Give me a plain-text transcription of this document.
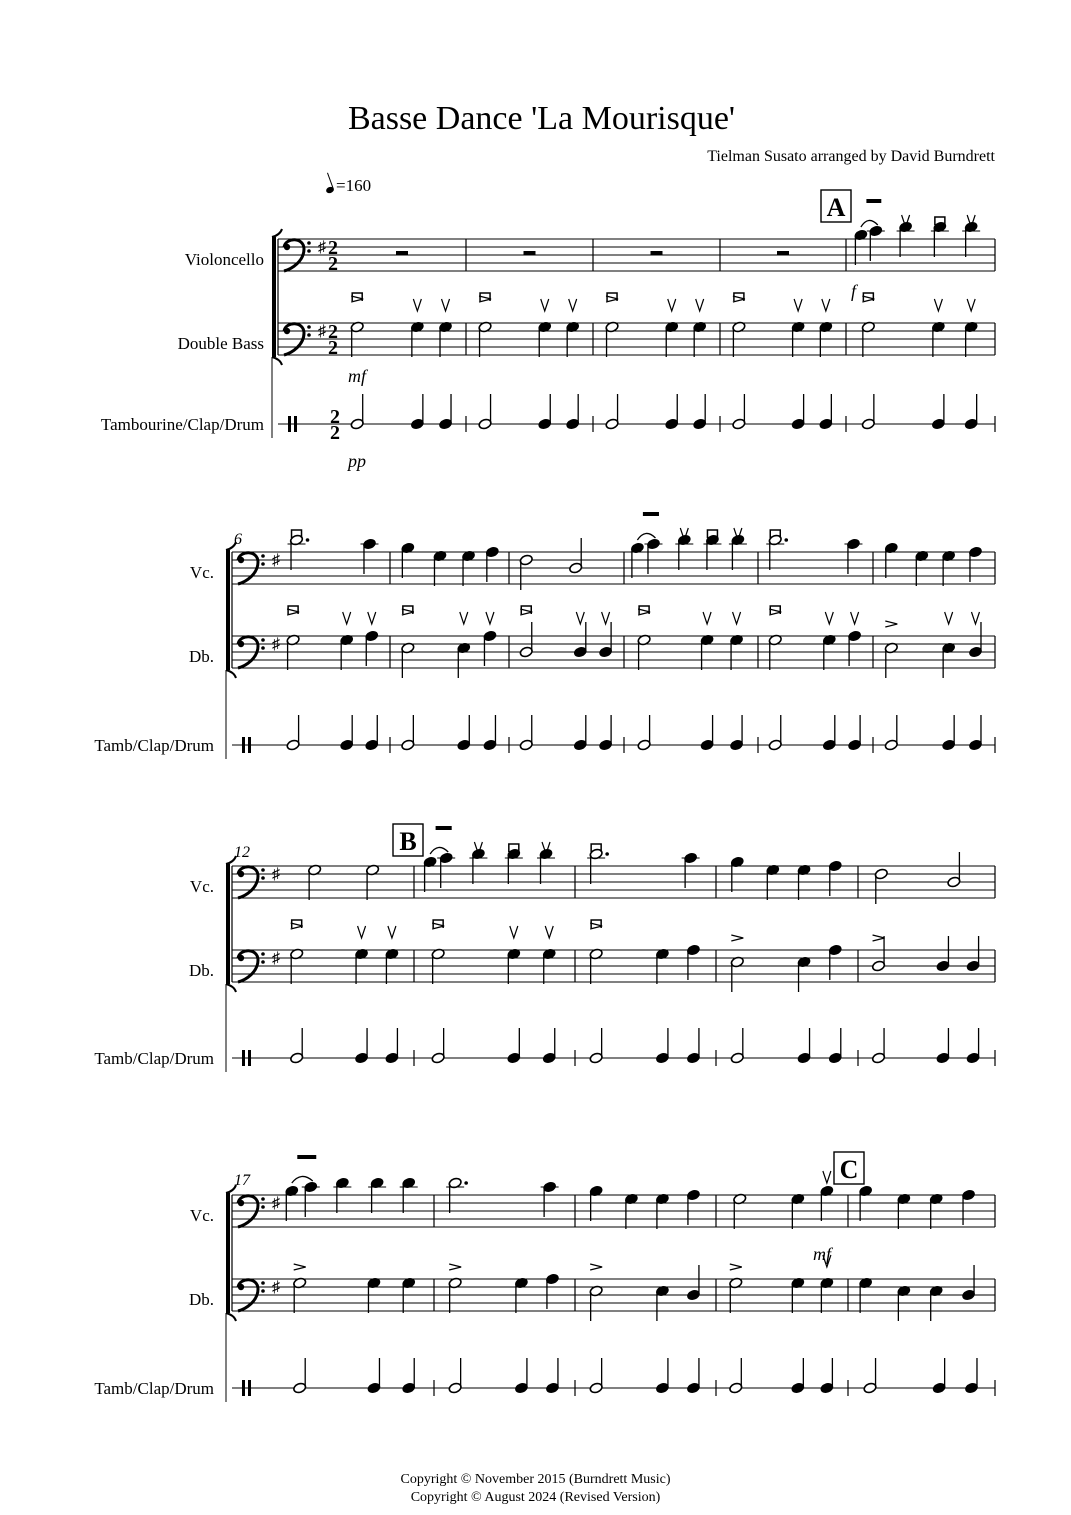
Basse Dance 'La Mourisque'
Tielman Susato arranged by David Burndrett
=160
♯
♯
2
2
2
2
2
2
Violoncello
Double Bass
Tambourine/Clap/Drum
♯
♯
Vc.
Db.
Tamb/Clap/Drum
♯
♯
Vc.
Db.
Tamb/Clap/Drum
♯
♯
Vc.
Db.
Tamb/Clap/Drum
6
12
17
A
B
C
f
mf
pp
mf
Copyright © November 2015 (Burndrett Music)
Copyright © August 2024 (Revised Version)
